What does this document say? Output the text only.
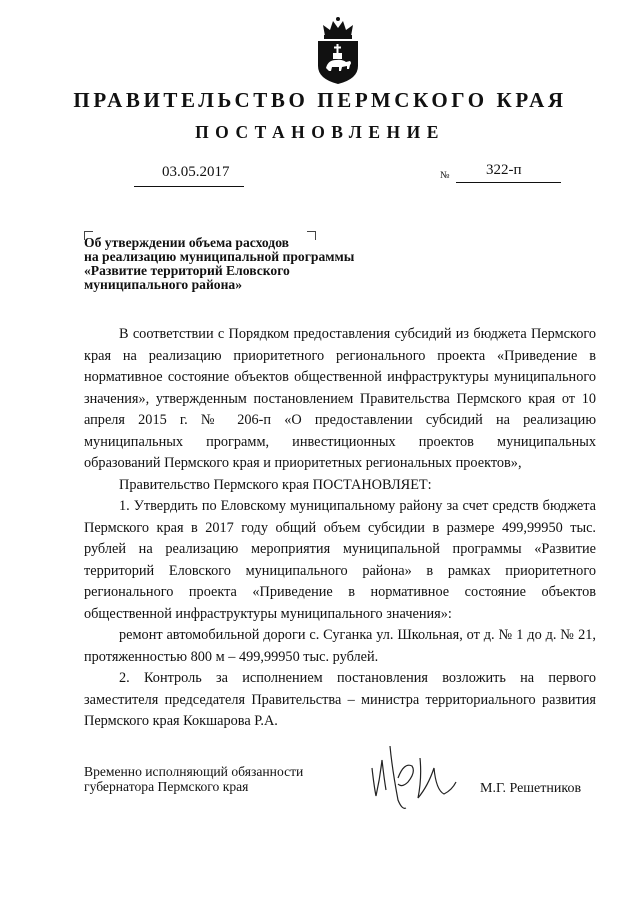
ПРАВИТЕЛЬСТВО ПЕРМСКОГО КРАЯ
ПОСТАНОВЛЕНИЕ
03.05.2017	№ 322-п
Об утверждении объема расходов
на реализацию муниципальной программы
«Развитие территорий Еловского
муниципального района»

В соответствии с Порядком предоставления субсидий из бюджета Пермского края на реализацию приоритетного регионального проекта «Приведение в нормативное состояние объектов общественной инфраструктуры муниципального значения», утвержденным постановлением Правительства Пермского края от 10 апреля 2015 г. № 206-п «О предоставлении субсидий на реализацию муниципальных программ, инвестиционных проектов муниципальных образований Пермского края и приоритетных региональных проектов»,

Правительство Пермского края ПОСТАНОВЛЯЕТ:

1. Утвердить по Еловскому муниципальному району за счет средств бюджета Пермского края в 2017 году общий объем субсидии в размере 499,99950 тыс. рублей на реализацию мероприятия муниципальной программы «Развитие территорий Еловского муниципального района» в рамках приоритетного регионального проекта «Приведение в нормативное состояние объектов общественной инфраструктуры муниципального значения»:

ремонт автомобильной дороги с. Суганка ул. Школьная, от д. № 1 до д. № 21, протяженностью 800 м – 499,99950 тыс. рублей.

2. Контроль за исполнением постановления возложить на первого заместителя председателя Правительства – министра территориального развития Пермского края Кокшарова Р.А.

Временно исполняющий обязанности
губернатора Пермского края	М.Г. Решетников
